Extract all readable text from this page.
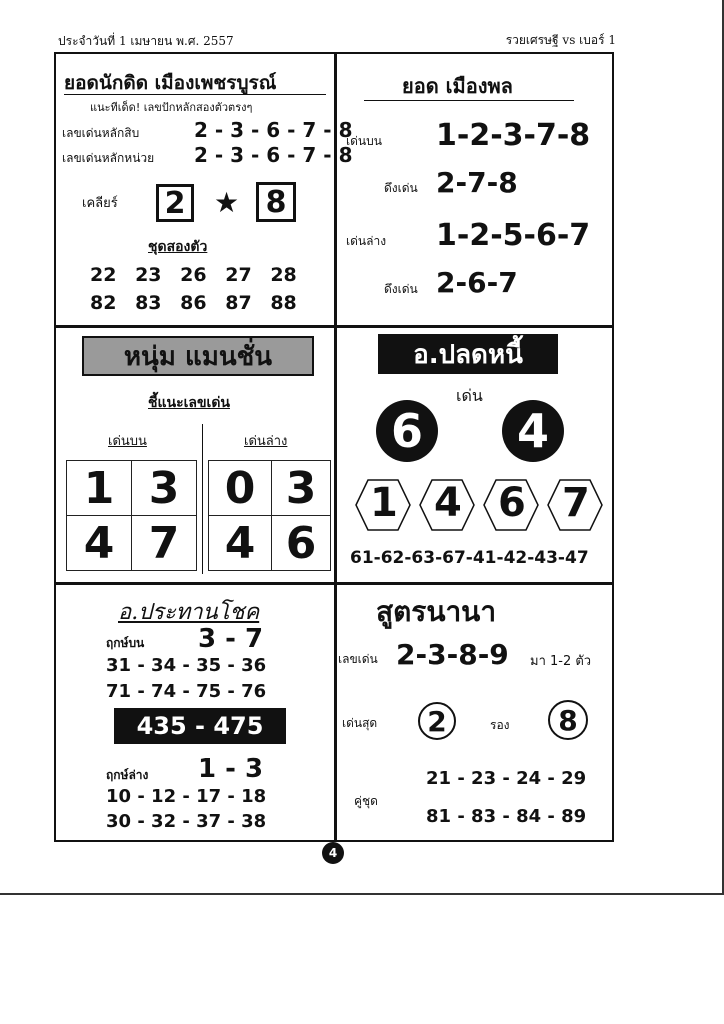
ประจำวันที่ 1 เมษายน พ.ศ. 2557	รวยเศรษฐี vs เบอร์ 1
ยอดนักดิด เมืองเพชรบูรณ์
แนะทีเด็ด! เลขปักหลักสองตัวตรงๆ
เลขเด่นหลักสิบ	2 - 3 - 6 - 7 - 8
เลขเด่นหลักหน่วย 2 - 3 - 6 - 7 - 8
เคลียร์ 2	★ 8
ชุดสองตัว
22 23 26 27 28
82 83 86 87 88
ยอด เมืองพล
เด่นบน 1-2-3-7-8
ดึงเด่น 2-7-8
เด่นล่าง 1-2-5-6-7
ดึงเด่น 2-6-7
หนุ่ม แมนชั่น
ชี้แนะเลขเด่น
เด่นบน	เด่นล่าง
1 3
4 7
0 3
4 6
อ.ปลดหนี้
เด่น
6	4
1 4 6 7
61-62-63-67-41-42-43-47
อ.ประทานโชค
ฤกษ์บน 3 - 7
31 - 34 - 35 - 36
71 - 74 - 75 - 76
435 - 475
ฤกษ์ล่าง 1 - 3
10 - 12 - 17 - 18
30 - 32 - 37 - 38
สูตรนานา
เลขเด่น 2-3-8-9 มา 1-2 ตัว
เด่นสุด	2	รอง	8
คู่ชุด
21 - 23 - 24 - 29
81 - 83 - 84 - 89
4
